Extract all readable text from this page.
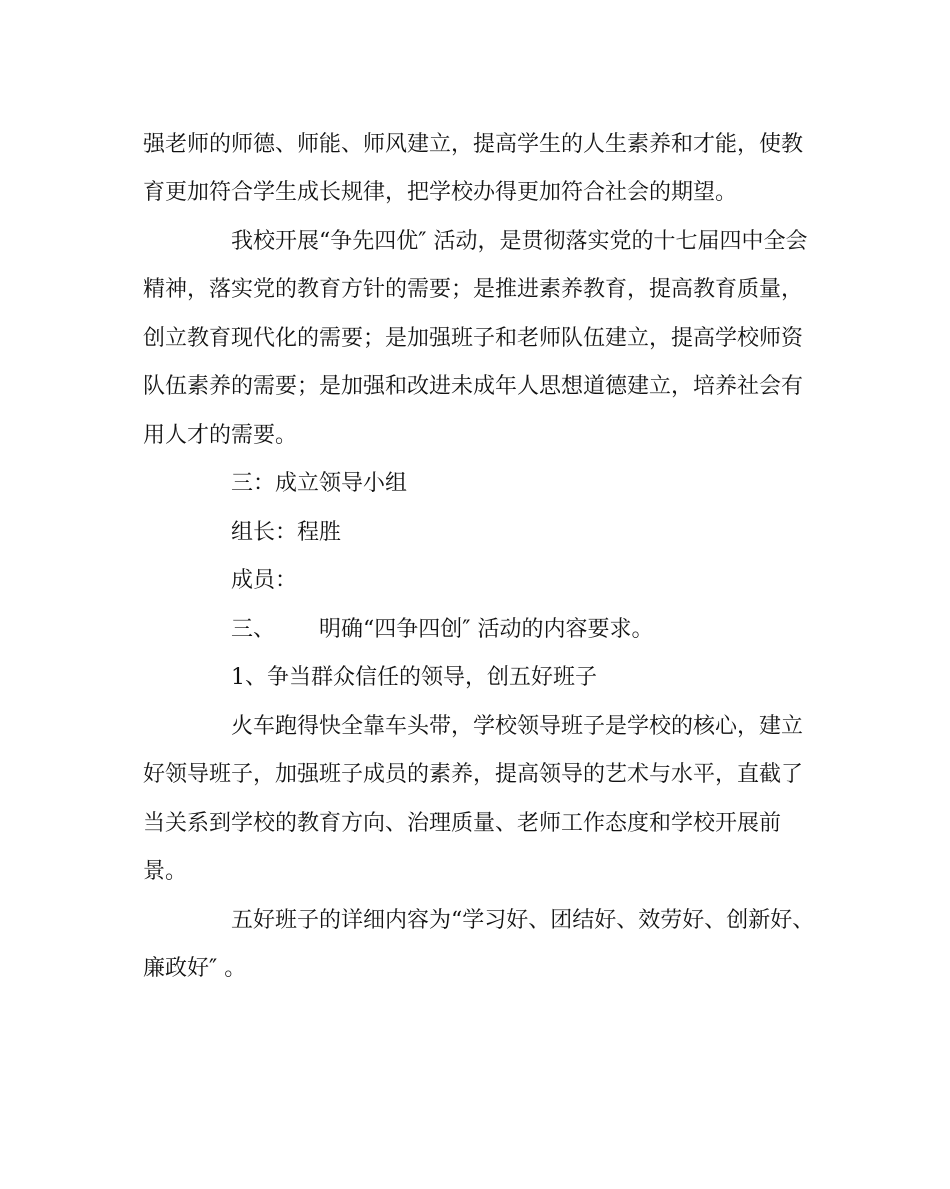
强老师的师德、师能、师风建立，提高学生的人生素养和才能，使教
育更加符合学生成长规律，把学校办得更加符合社会的期望。
我校开展“争先四优″ 活动，是贯彻落实党的十七届四中全会
精神，落实党的教育方针的需要；是推进素养教育，提高教育质量，
创立教育现代化的需要；是加强班子和老师队伍建立，提高学校师资
队伍素养的需要；是加强和改进未成年人思想道德建立，培养社会有
用人才的需要。
三：成立领导小组
组长：程胜
成员：
三、 明确“四争四创″ 活动的内容要求。
1、争当群众信任的领导，创五好班子
火车跑得快全靠车头带，学校领导班子是学校的核心，建立
好领导班子，加强班子成员的素养，提高领导的艺术与水平，直截了
当关系到学校的教育方向、治理质量、老师工作态度和学校开展前
景。
五好班子的详细内容为“学习好、团结好、效劳好、创新好、
廉政好″ 。
